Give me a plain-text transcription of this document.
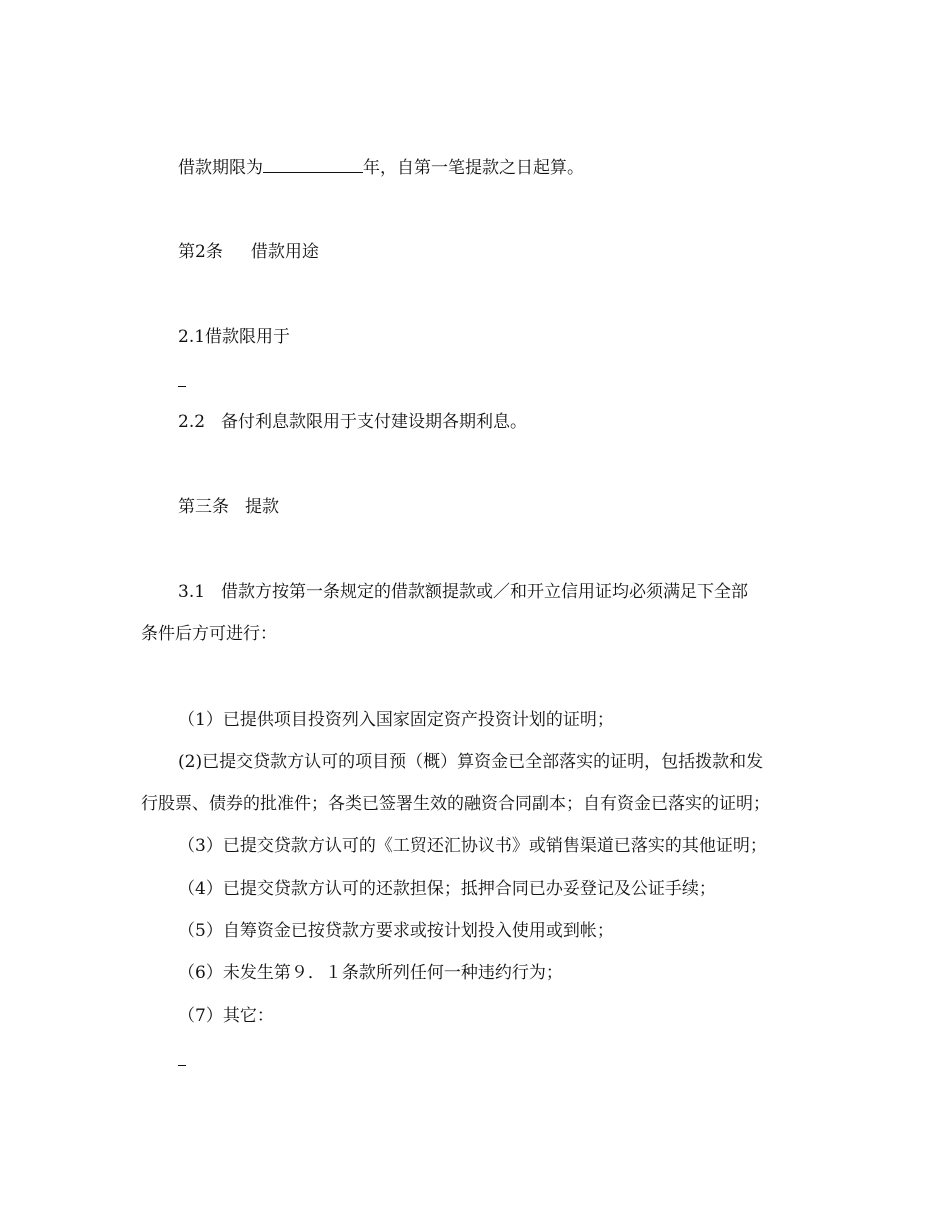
借款期限为	年，自第一笔提款之日起算。
第2条 借款用途
2.1借款限用于
2.2 备付利息款限用于支付建设期各期利息。
第三条 提款
3.1 借款方按第一条规定的借款额提款或／和开立信用证均必须满足下全部
条件后方可进行：
（1）已提供项目投资列入国家固定资产投资计划的证明；
(2)已提交贷款方认可的项目预（概）算资金已全部落实的证明，包括拨款和发
行股票、债券的批准件；各类已签署生效的融资合同副本；自有资金已落实的证明；
（3）已提交贷款方认可的《工贸还汇协议书》或销售渠道已落实的其他证明；
（4）已提交贷款方认可的还款担保；抵押合同已办妥登记及公证手续；
（5）自筹资金已按贷款方要求或按计划投入使用或到帐；
（6）未发生第９．１条款所列任何一种违约行为；
（7）其它：
